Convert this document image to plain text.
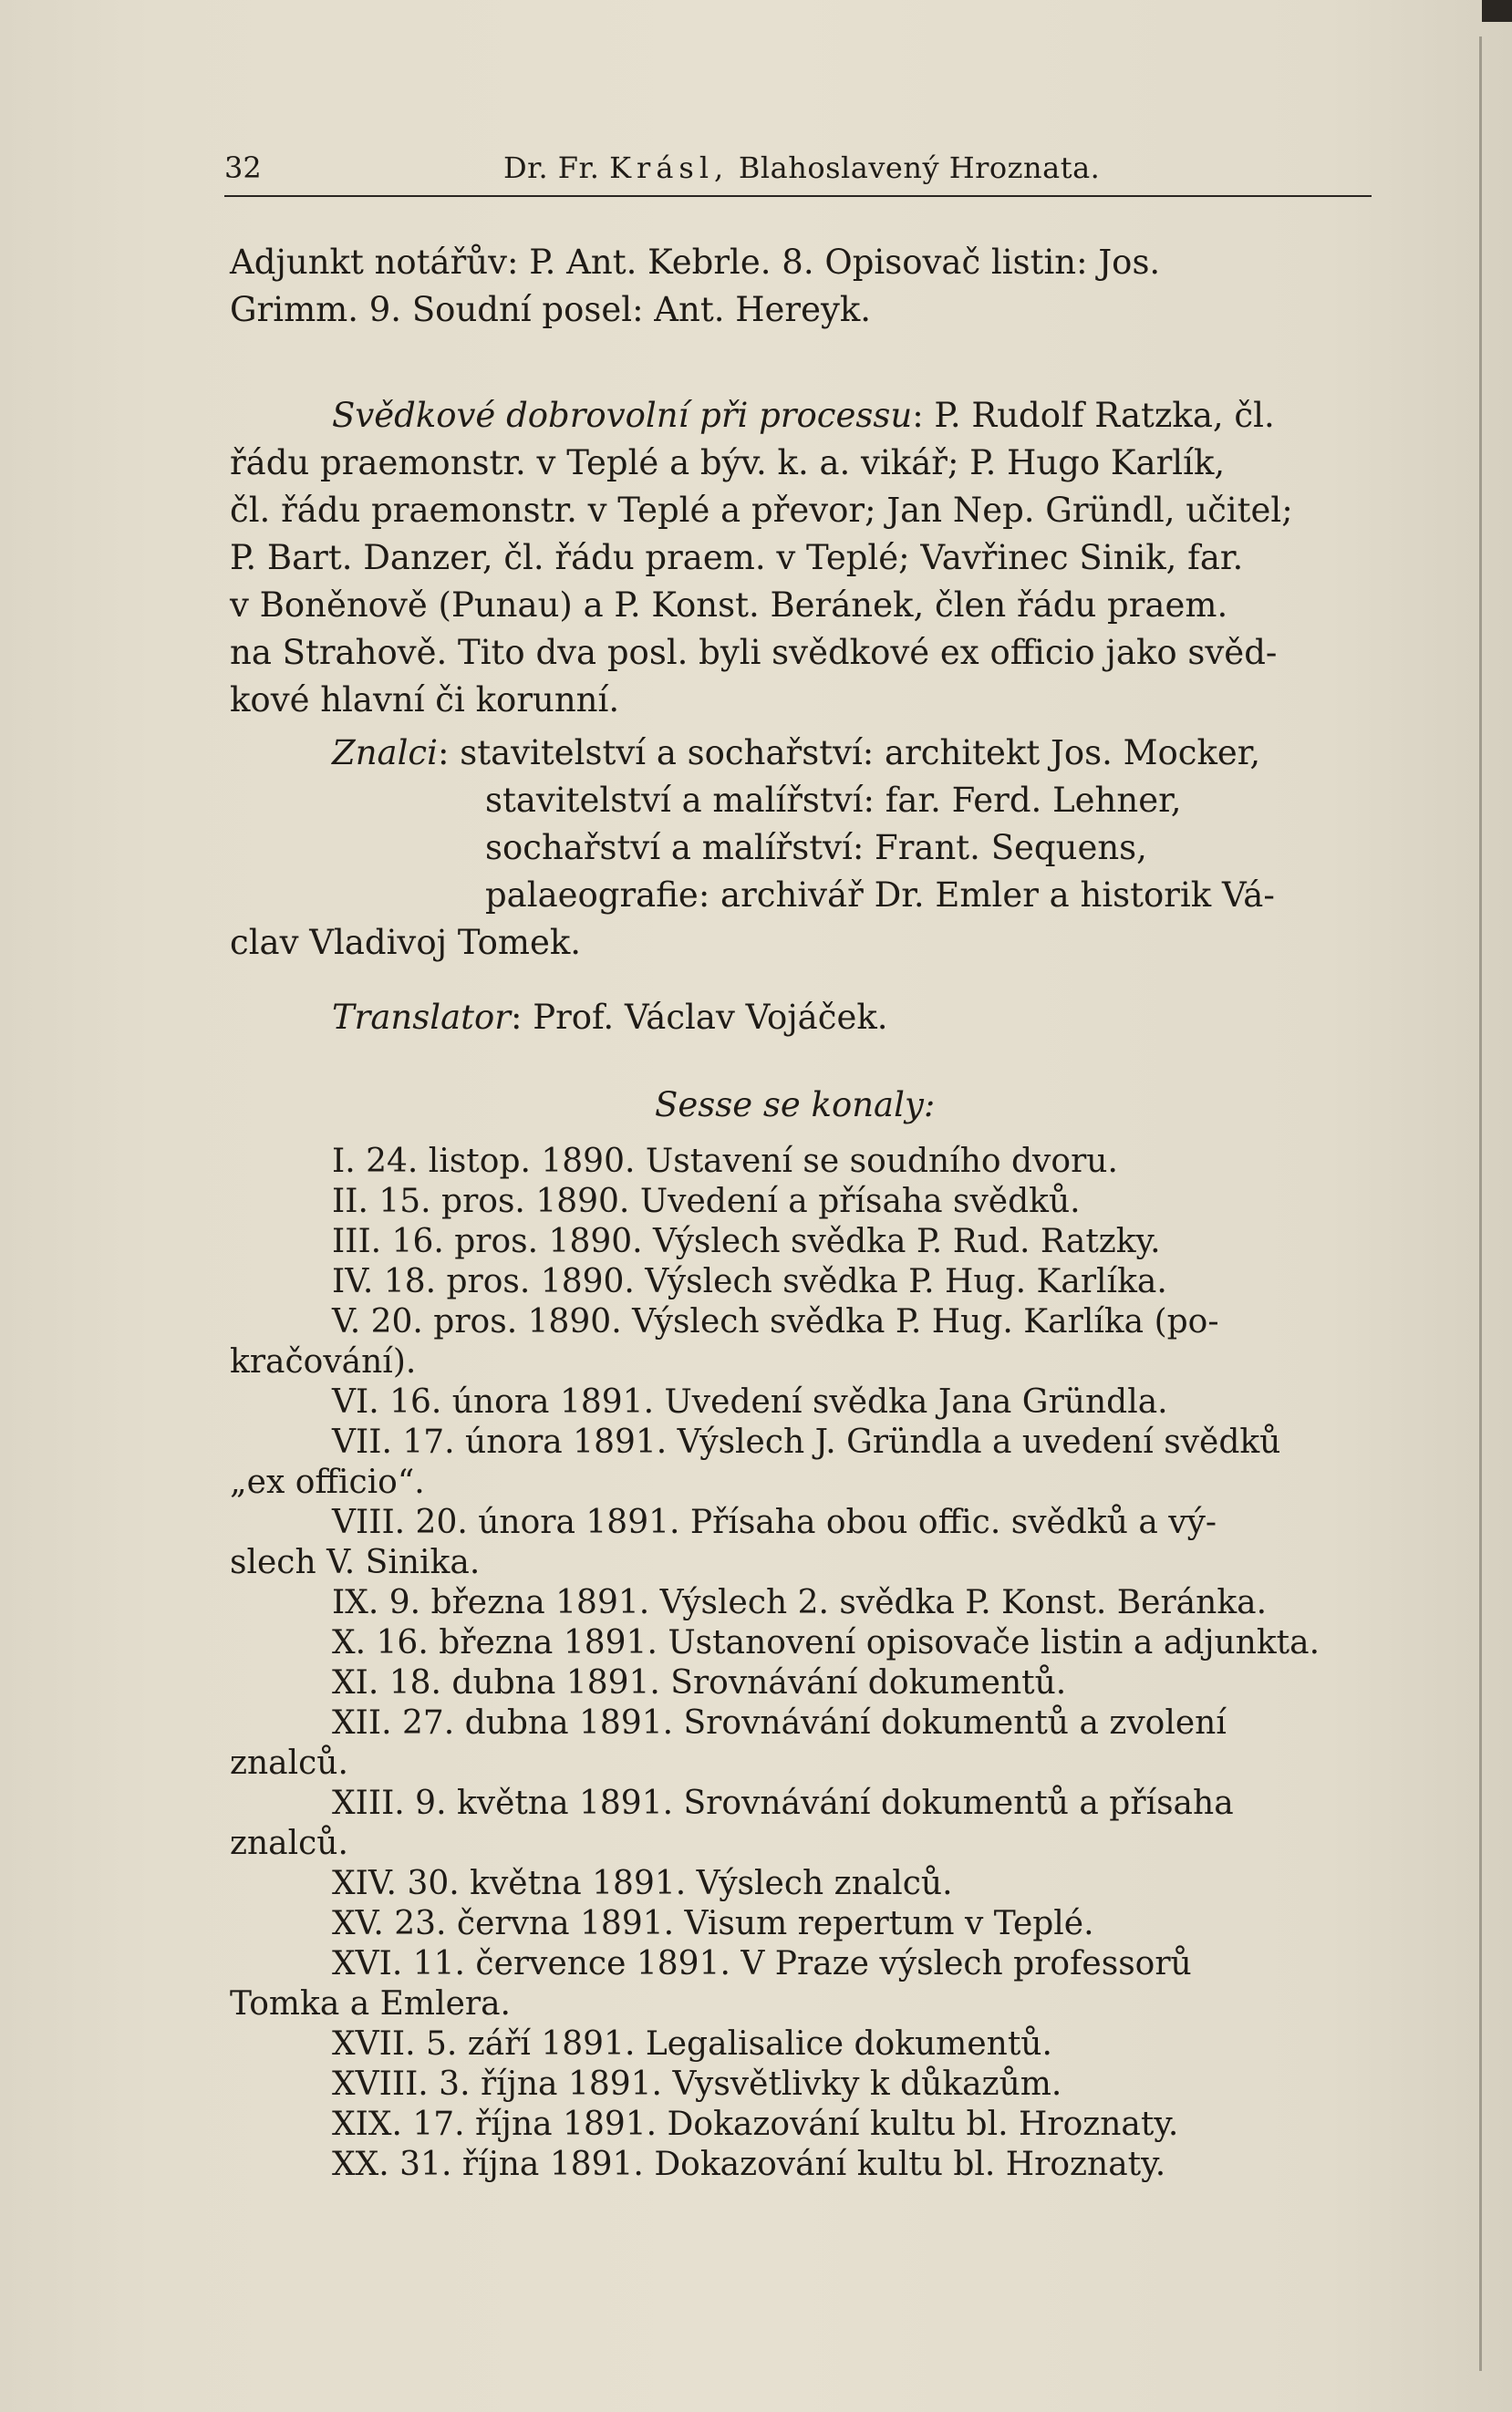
32	Dr. Fr. Krásl, Blahoslavený Hroznata.

Adjunkt notářův: P. Ant. Kebrle. 8. Opisovač listin: Jos.

Grimm. 9. Soudní posel: Ant. Hereyk.

Svědkové dobrovolní při processu: P. Rudolf Ratzka, čl.

řádu praemonstr. v Teplé a býv. k. a. vikář; P. Hugo Karlík,

čl. řádu praemonstr. v Teplé a převor; Jan Nep. Gründl, učitel;

P. Bart. Danzer, čl. řádu praem. v Teplé; Vavřinec Sinik, far.

v Boněnově (Punau) a P. Konst. Beránek, člen řádu praem.

na Strahově. Tito dva posl. byli svědkové ex officio jako svěd-

kové hlavní či korunní.

Znalci: stavitelství a sochařství: architekt Jos. Mocker,

stavitelství a malířství: far. Ferd. Lehner,

sochařství a malířství: Frant. Sequens,

palaeografie: archivář Dr. Emler a historik Vá-

clav Vladivoj Tomek.

Translator: Prof. Václav Vojáček.

Sesse se konaly:
I. 24. listop. 1890. Ustavení se soudního dvoru.
II. 15. pros. 1890. Uvedení a přísaha svědků.
III. 16. pros. 1890. Výslech svědka P. Rud. Ratzky.
IV. 18. pros. 1890. Výslech svědka P. Hug. Karlíka.
V. 20. pros. 1890. Výslech svědka P. Hug. Karlíka (po-
kračování).
VI. 16. února 1891. Uvedení svědka Jana Gründla.
VII. 17. února 1891. Výslech J. Gründla a uvedení svědků
„ex officio“.
VIII. 20. února 1891. Přísaha obou offic. svědků a vý-
slech V. Sinika.
IX. 9. března 1891. Výslech 2. svědka P. Konst. Beránka.
X. 16. března 1891. Ustanovení opisovače listin a adjunkta.
XI. 18. dubna 1891. Srovnávání dokumentů.
XII. 27. dubna 1891. Srovnávání dokumentů a zvolení
znalců.
XIII. 9. května 1891. Srovnávání dokumentů a přísaha
znalců.
XIV. 30. května 1891. Výslech znalců.
XV. 23. června 1891. Visum repertum v Teplé.
XVI. 11. července 1891. V Praze výslech professorů
Tomka a Emlera.
XVII. 5. září 1891. Legalisalice dokumentů.
XVIII. 3. října 1891. Vysvětlivky k důkazům.
XIX. 17. října 1891. Dokazování kultu bl. Hroznaty.
XX. 31. října 1891. Dokazování kultu bl. Hroznaty.
